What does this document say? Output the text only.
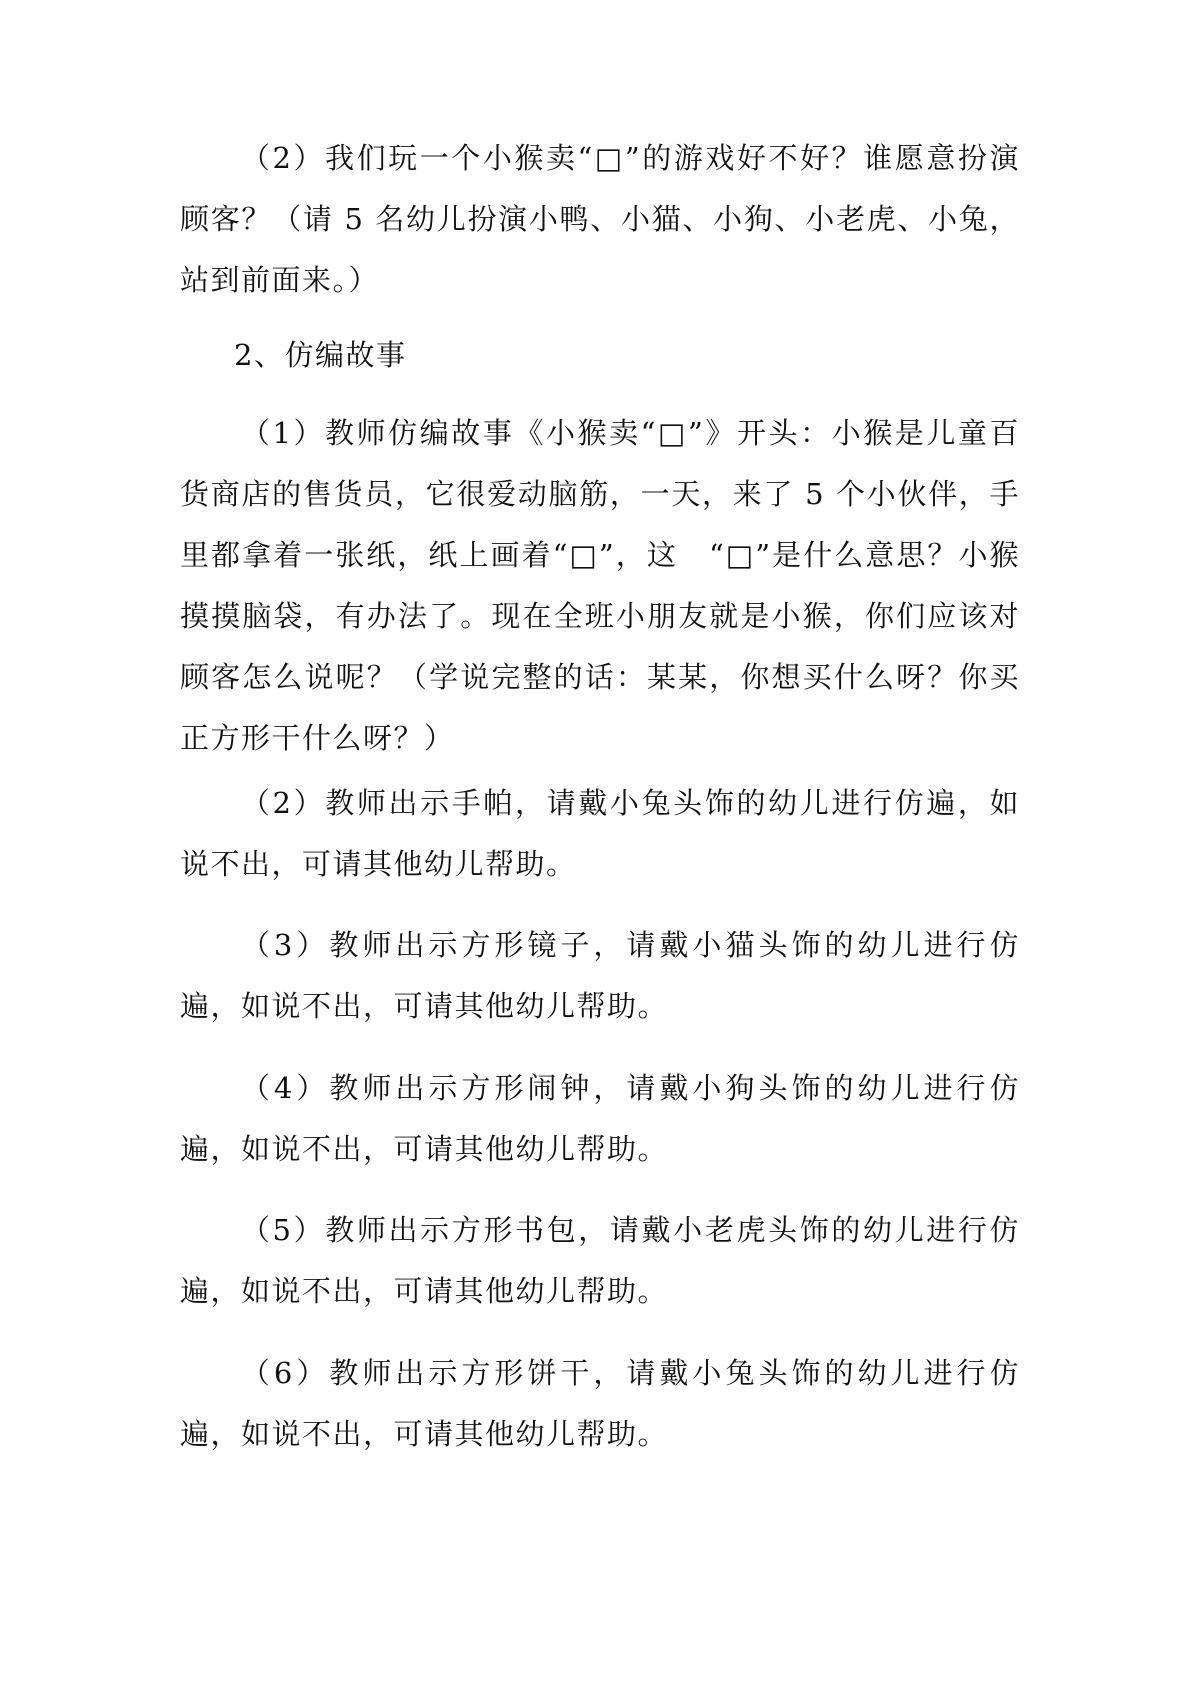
（2）我们玩一个小猴卖“□”的游戏好不好？谁愿意扮演顾客？（请 5 名幼儿扮演小鸭、小猫、小狗、小老虎、小兔，站到前面来。）

2、仿编故事

（1）教师仿编故事《小猴卖“□”》开头：小猴是儿童百货商店的售货员，它很爱动脑筋，一天，来了 5 个小伙伴，手里都拿着一张纸，纸上画着“□”，这　“□”是什么意思？小猴摸摸脑袋，有办法了。现在全班小朋友就是小猴，你们应该对顾客怎么说呢？（学说完整的话：某某，你想买什么呀？你买正方形干什么呀？）

（2）教师出示手帕，请戴小兔头饰的幼儿进行仿遍，如说不出，可请其他幼儿帮助。

（3）教师出示方形镜子，请戴小猫头饰的幼儿进行仿遍，如说不出，可请其他幼儿帮助。

（4）教师出示方形闹钟，请戴小狗头饰的幼儿进行仿遍，如说不出，可请其他幼儿帮助。

（5）教师出示方形书包，请戴小老虎头饰的幼儿进行仿遍，如说不出，可请其他幼儿帮助。

（6）教师出示方形饼干，请戴小兔头饰的幼儿进行仿遍，如说不出，可请其他幼儿帮助。
